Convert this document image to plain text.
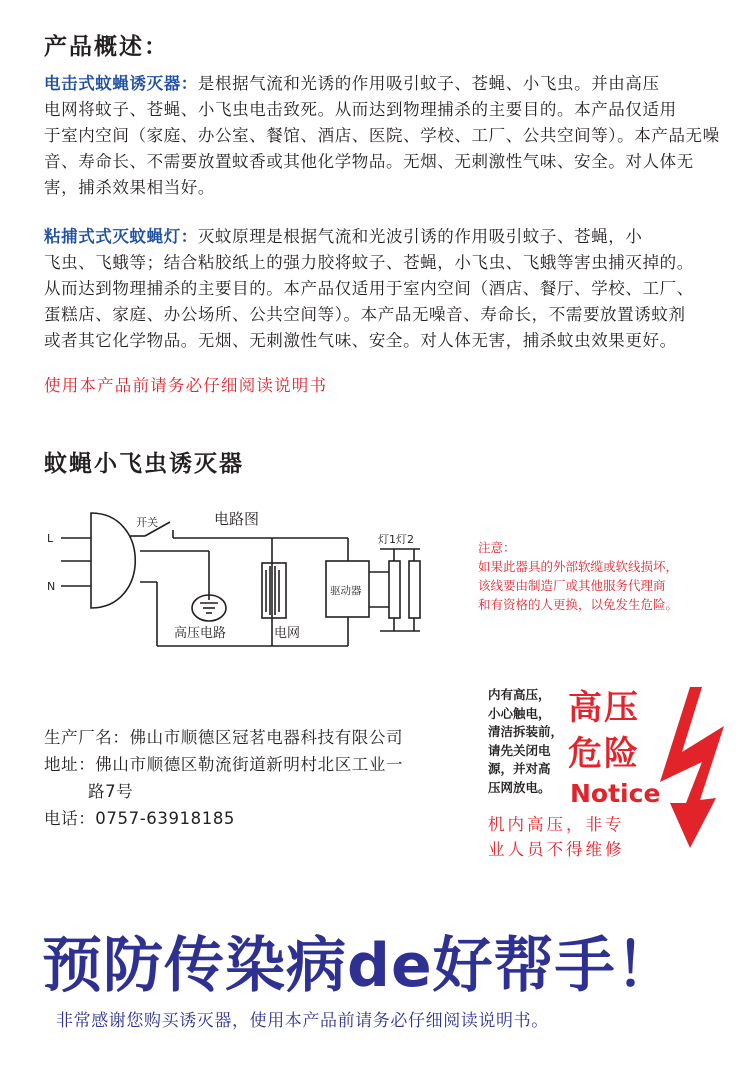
产品概述：
电击式蚊蝇诱灭器：是根据气流和光诱的作用吸引蚊子、苍蝇、小飞虫。并由高压
电网将蚊子、苍蝇、小飞虫电击致死。从而达到物理捕杀的主要目的。本产品仅适用
于室内空间（家庭、办公室、餐馆、酒店、医院、学校、工厂、公共空间等）。本产品无噪
音、寿命长、不需要放置蚊香或其他化学物品。无烟、无刺激性气味、安全。对人体无
害，捕杀效果相当好。
粘捕式式灭蚊蝇灯：灭蚊原理是根据气流和光波引诱的作用吸引蚊子、苍蝇，小
飞虫、飞蛾等；结合粘胶纸上的强力胶将蚊子、苍蝇，小飞虫、飞蛾等害虫捕灭掉的。
从而达到物理捕杀的主要目的。本产品仅适用于室内空间（酒店、餐厅、学校、工厂、
蛋糕店、家庭、办公场所、公共空间等）。本产品无噪音、寿命长，不需要放置诱蚊剂
或者其它化学物品。无烟、无刺激性气味、安全。对人体无害，捕杀蚊虫效果更好。
使用本产品前请务必仔细阅读说明书
蚊蝇小飞虫诱灭器
电路图
L
N
开关
高压电路	电网
驱动器
灯1灯2
注意：
如果此器具的外部软缆或软线损坏，
该线要由制造厂或其他服务代理商
和有资格的人更换，以免发生危险。
生产厂名：佛山市顺德区冠茗电器科技有限公司
地址：佛山市顺德区勒流街道新明村北区工业一
路7号
电话：0757-63918185
内有高压，
小心触电，
清洁拆装前，
请先关闭电
源，并对高
压网放电。
高压
危险
Notice
机内高压，非专
业人员不得维修
预防传染病de好帮手！
非常感谢您购买诱灭器，使用本产品前请务必仔细阅读说明书。
